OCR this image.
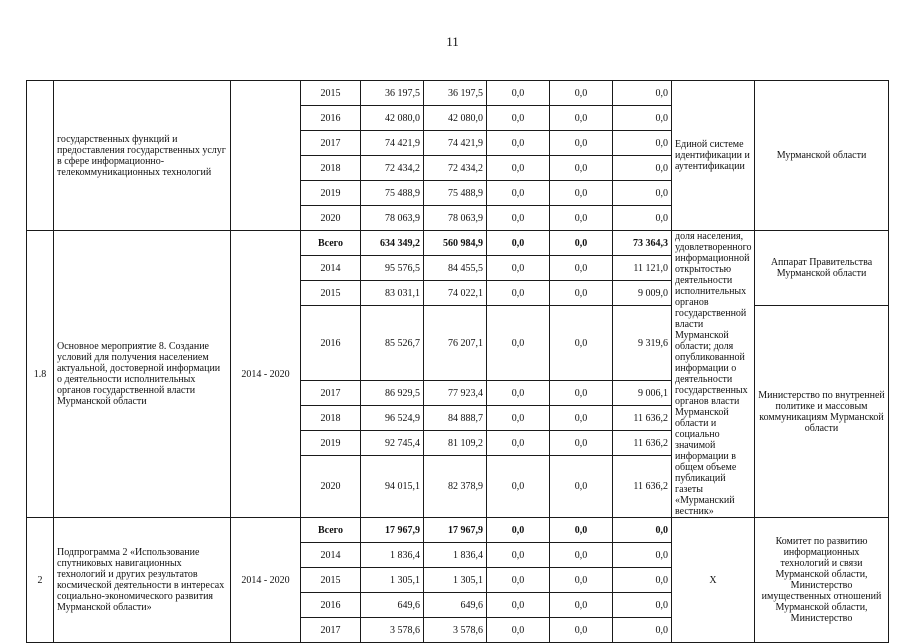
11
	государственных функций и предоставления государственных услуг в сфере информационно-телекоммуникационных технологий		2015	36 197,5	36 197,5	0,0	0,0	0,0	Единой системе идентификации и аутентификации	Мурманской области
			2016	42 080,0	42 080,0	0,0	0,0	0,0		
			2017	74 421,9	74 421,9	0,0	0,0	0,0		
			2018	72 434,2	72 434,2	0,0	0,0	0,0		
			2019	75 488,9	75 488,9	0,0	0,0	0,0		
			2020	78 063,9	78 063,9	0,0	0,0	0,0		
1.8	Основное мероприятие 8. Создание условий для получения населением актуальной, достоверной информации о деятельности исполнительных органов государственной власти Мурманской области	2014 - 2020	Всего	634 349,2	560 984,9	0,0	0,0	73 364,3	доля населения, удовлетворенного информационной открытостью деятельности исполнительных органов государственной власти Мурманской области; доля опубликованной информации о деятельности государственных органов власти Мурманской области и социально значимой информации в общем объеме публикаций газеты «Мурманский вестник»	Аппарат Правительства Мурманской области
			2014	95 576,5	84 455,5	0,0	0,0	11 121,0		
			2015	83 031,1	74 022,1	0,0	0,0	9 009,0		
			2016	85 526,7	76 207,1	0,0	0,0	9 319,6		Министерство по внутренней политике и массовым коммуникациям Мурманской области
			2017	86 929,5	77 923,4	0,0	0,0	9 006,1		
			2018	96 524,9	84 888,7	0,0	0,0	11 636,2		
			2019	92 745,4	81 109,2	0,0	0,0	11 636,2		
			2020	94 015,1	82 378,9	0,0	0,0	11 636,2		
2	Подпрограмма 2 «Использование спутниковых навигационных технологий и других результатов космической деятельности в интересах социально-экономического развития Мурманской области»	2014 - 2020	Всего	17 967,9	17 967,9	0,0	0,0	0,0	X	Комитет по развитию информационных технологий и связи Мурманской области, Министерство имущественных отношений Мурманской области, Министерство
			2014	1 836,4	1 836,4	0,0	0,0	0,0		
			2015	1 305,1	1 305,1	0,0	0,0	0,0		
			2016	649,6	649,6	0,0	0,0	0,0		
			2017	3 578,6	3 578,6	0,0	0,0	0,0		
